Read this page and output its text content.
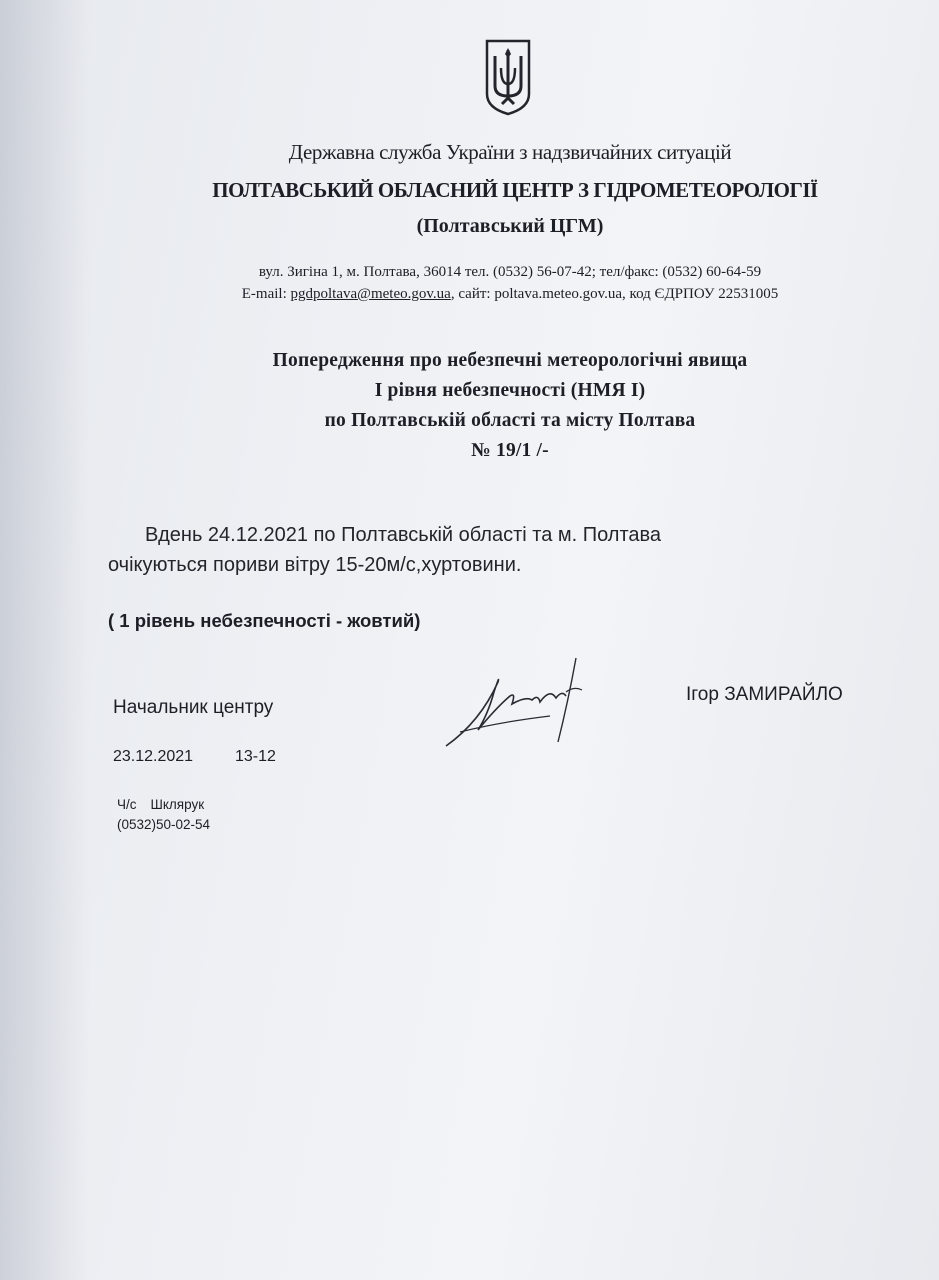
Державна служба України з надзвичайних ситуацій
ПОЛТАВСЬКИЙ ОБЛАСНИЙ ЦЕНТР З ГІДРОМЕТЕОРОЛОГІЇ
(Полтавський ЦГМ)
вул. Зигіна 1, м. Полтава, 36014 тел. (0532) 56-07-42; тел/факс: (0532) 60-64-59
E-mail: pgdpoltava@meteo.gov.ua, сайт: poltava.meteo.gov.ua, код ЄДРПОУ 22531005
Попередження про небезпечні метеорологічні явища
І рівня небезпечності (НМЯ І)
по Полтавській області та місту Полтава
№ 19/1 /-
Вдень 24.12.2021 по Полтавській області та м. Полтава
очікуються пориви вітру 15-20м/с,хуртовини.
( 1 рівень небезпечності - жовтий)
Начальник центру
Ігор ЗАМИРАЙЛО
23.12.2021	13-12
Ч/с Шклярук
(0532)50-02-54
